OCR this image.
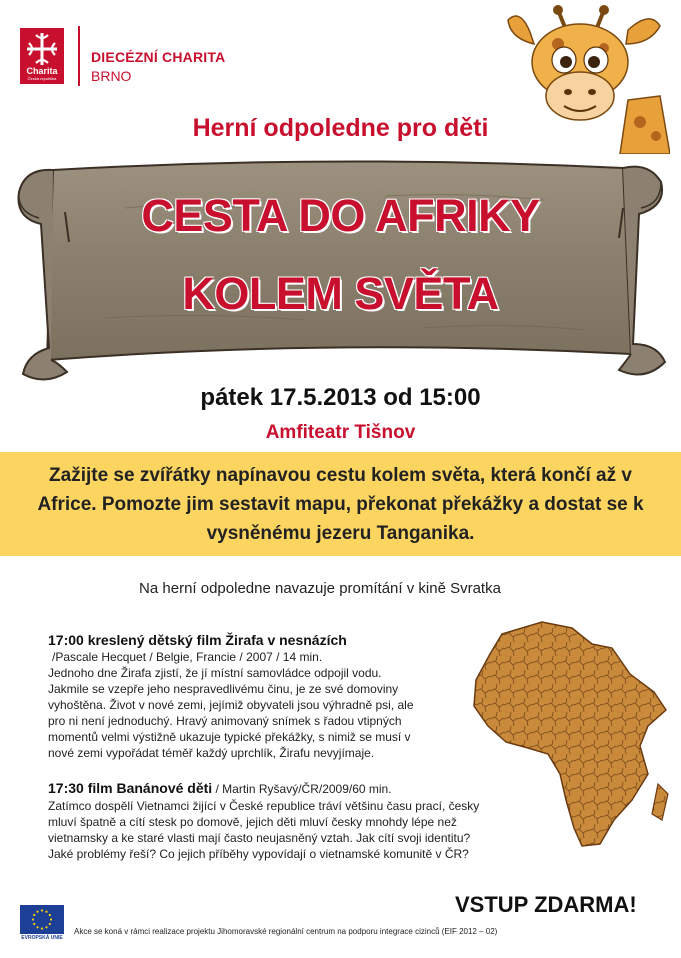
Charita
Česká republika
DIECÉZNÍ CHARITA
BRNO
Herní odpoledne pro děti
CESTA DO AFRIKY
KOLEM SVĚTA
pátek 17.5.2013 od 15:00
Amfiteatr Tišnov
Zažijte se zvířátky napínavou cestu kolem světa, která končí až v Africe. Pomozte jim sestavit mapu, překonat překážky a dostat se k vysněnému jezeru Tanganika.
Na herní odpoledne navazuje promítání v kině Svratka
17:00 kreslený dětský film Žirafa v nesnázích
/Pascale Hecquet / Belgie, Francie / 2007 / 14 min.
Jednoho dne Žirafa zjistí, že jí místní samovládce odpojil vodu.
Jakmile se vzepře jeho nespravedlivému činu, je ze své domoviny
vyhoštěna. Život v nové zemi, jejímiž obyvateli jsou výhradně psi, ale
pro ni není jednoduchý. Hravý animovaný snímek s řadou vtipných
momentů velmi výstižně ukazuje typické překážky, s nimiž se musí v
nové zemi vypořádat téměř každý uprchlík, Žirafu nevyjímaje.
17:30 film Banánové děti / Martin Ryšavý/ČR/2009/60 min.
Zatímco dospělí Vietnamci žijící v České republice tráví většinu času prací, česky
mluví špatně a cítí stesk po domově, jejich děti mluví česky mnohdy lépe než
vietnamsky a ke staré vlasti mají často neujasněný vztah. Jak cítí svoji identitu?
Jaké problémy řeší? Co jejich příběhy vypovídají o vietnamské komunitě v ČR?
VSTUP ZDARMA!
EVROPSKÁ UNIE
Akce se koná v rámci realizace projektu Jihomoravské regionální centrum na podporu integrace cizinců (EIF 2012 – 02)
